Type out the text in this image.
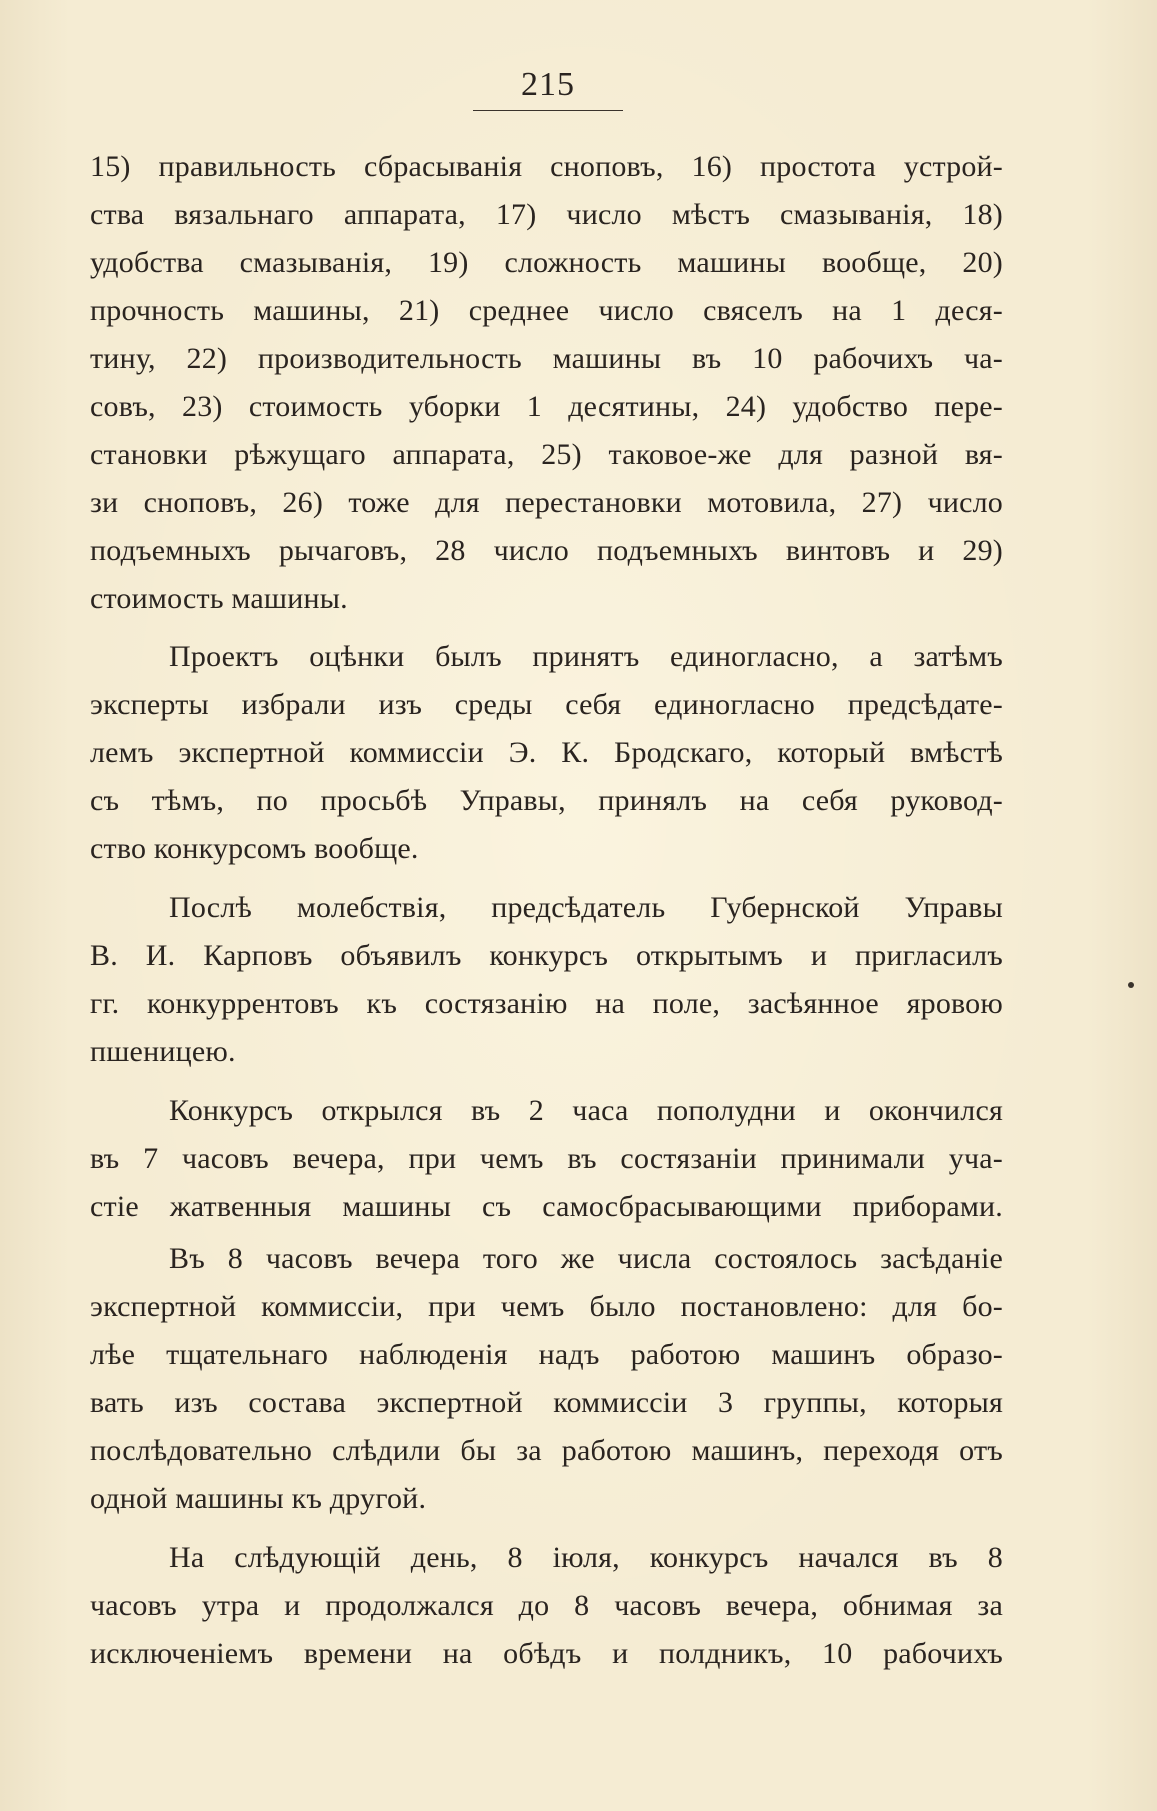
215
15) правильность сбрасыванія сноповъ, 16) простота устрой-
ства вязальнаго аппарата, 17) число мѣстъ смазыванія, 18)
удобства смазыванія, 19) сложность машины вообще, 20)
прочность машины, 21) среднее число свяселъ на 1 деся-
тину, 22) производительность машины въ 10 рабочихъ ча-
совъ, 23) стоимость уборки 1 десятины, 24) удобство пере-
становки рѣжущаго аппарата, 25) таковое-же для разной вя-
зи сноповъ, 26) тоже для перестановки мотовила, 27) число
подъемныхъ рычаговъ, 28 число подъемныхъ винтовъ и 29)
стоимость машины.
Проектъ оцѣнки былъ принятъ единогласно, а затѣмъ
эксперты избрали изъ среды себя единогласно предсѣдате-
лемъ экспертной коммиссіи Э. К. Бродскаго, который вмѣстѣ
съ тѣмъ, по просьбѣ Управы, принялъ на себя руковод-
ство конкурсомъ вообще.
Послѣ молебствія, предсѣдатель Губернской Управы
В. И. Карповъ объявилъ конкурсъ открытымъ и пригласилъ
гг. конкуррентовъ къ состязанію на поле, засѣянное яровою
пшеницею.
Конкурсъ открылся въ 2 часа пополудни и окончился
въ 7 часовъ вечера, при чемъ въ состязаніи принимали уча-
стіе жатвенныя машины съ самосбрасывающими приборами.
Въ 8 часовъ вечера того же числа состоялось засѣданіе
экспертной коммиссіи, при чемъ было постановлено: для бо-
лѣе тщательнаго наблюденія надъ работою машинъ образо-
вать изъ состава экспертной коммиссіи 3 группы, которыя
послѣдовательно слѣдили бы за работою машинъ, переходя отъ
одной машины къ другой.
На слѣдующій день, 8 іюля, конкурсъ начался въ 8
часовъ утра и продолжался до 8 часовъ вечера, обнимая за
исключеніемъ времени на обѣдъ и полдникъ, 10 рабочихъ
